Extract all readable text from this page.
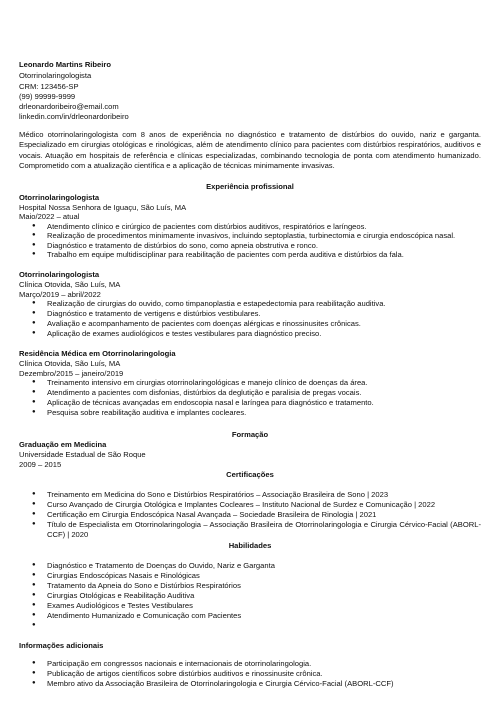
Leonardo Martins Ribeiro
Otorrinolaringologista
CRM: 123456-SP
(99) 99999-9999
drleonardoribeiro@email.com
linkedin.com/in/drleonardoribeiro
Médico otorrinolaringologista com 8 anos de experiência no diagnóstico e tratamento de distúrbios do ouvido, nariz e garganta. Especializado em cirurgias otológicas e rinológicas, além de atendimento clínico para pacientes com distúrbios respiratórios, auditivos e vocais. Atuação em hospitais de referência e clínicas especializadas, combinando tecnologia de ponta com atendimento humanizado. Comprometido com a atualização científica e a aplicação de técnicas minimamente invasivas.
Experiência profissional
Otorrinolaringologista
Hospital Nossa Senhora de Iguaçu, São Luís, MA
Maio/2022 – atual
Atendimento clínico e cirúrgico de pacientes com distúrbios auditivos, respiratórios e laríngeos.
Realização de procedimentos minimamente invasivos, incluindo septoplastia, turbinectomia e cirurgia endoscópica nasal.
Diagnóstico e tratamento de distúrbios do sono, como apneia obstrutiva e ronco.
Trabalho em equipe multidisciplinar para reabilitação de pacientes com perda auditiva e distúrbios da fala.
Otorrinolaringologista
Clínica Otovida, São Luís, MA
Março/2019 – abril/2022
Realização de cirurgias do ouvido, como timpanoplastia e estapedectomia para reabilitação auditiva.
Diagnóstico e tratamento de vertigens e distúrbios vestibulares.
Avaliação e acompanhamento de pacientes com doenças alérgicas e rinossinusites crônicas.
Aplicação de exames audiológicos e testes vestibulares para diagnóstico preciso.
Residência Médica em Otorrinolaringologia
Clínica Otovida, São Luís, MA
Dezembro/2015 – janeiro/2019
Treinamento intensivo em cirurgias otorrinolaringológicas e manejo clínico de doenças da área.
Atendimento a pacientes com disfonias, distúrbios da deglutição e paralisia de pregas vocais.
Aplicação de técnicas avançadas em endoscopia nasal e laríngea para diagnóstico e tratamento.
Pesquisa sobre reabilitação auditiva e implantes cocleares.
Formação
Graduação em Medicina
Universidade Estadual de São Roque
2009 – 2015
Certificações
Treinamento em Medicina do Sono e Distúrbios Respiratórios – Associação Brasileira de Sono | 2023
Curso Avançado de Cirurgia Otológica e Implantes Cocleares – Instituto Nacional de Surdez e Comunicação | 2022
Certificação em Cirurgia Endoscópica Nasal Avançada – Sociedade Brasileira de Rinologia | 2021
● Título de Especialista em Otorrinolaringologia – Associação Brasileira de Otorrinolaringologia e Cirurgia Cérvico-Facial (ABORL-CCF) | 2020
Habilidades
Diagnóstico e Tratamento de Doenças do Ouvido, Nariz e Garganta
Cirurgias Endoscópicas Nasais e Rinológicas
Tratamento da Apneia do Sono e Distúrbios Respiratórios
Cirurgias Otológicas e Reabilitação Auditiva
Exames Audiológicos e Testes Vestibulares
Atendimento Humanizado e Comunicação com Pacientes
Informações adicionais
Participação em congressos nacionais e internacionais de otorrinolaringologia.
Publicação de artigos científicos sobre distúrbios auditivos e rinossinusite crônica.
Membro ativo da Associação Brasileira de Otorrinolaringologia e Cirurgia Cérvico-Facial (ABORL-CCF)
